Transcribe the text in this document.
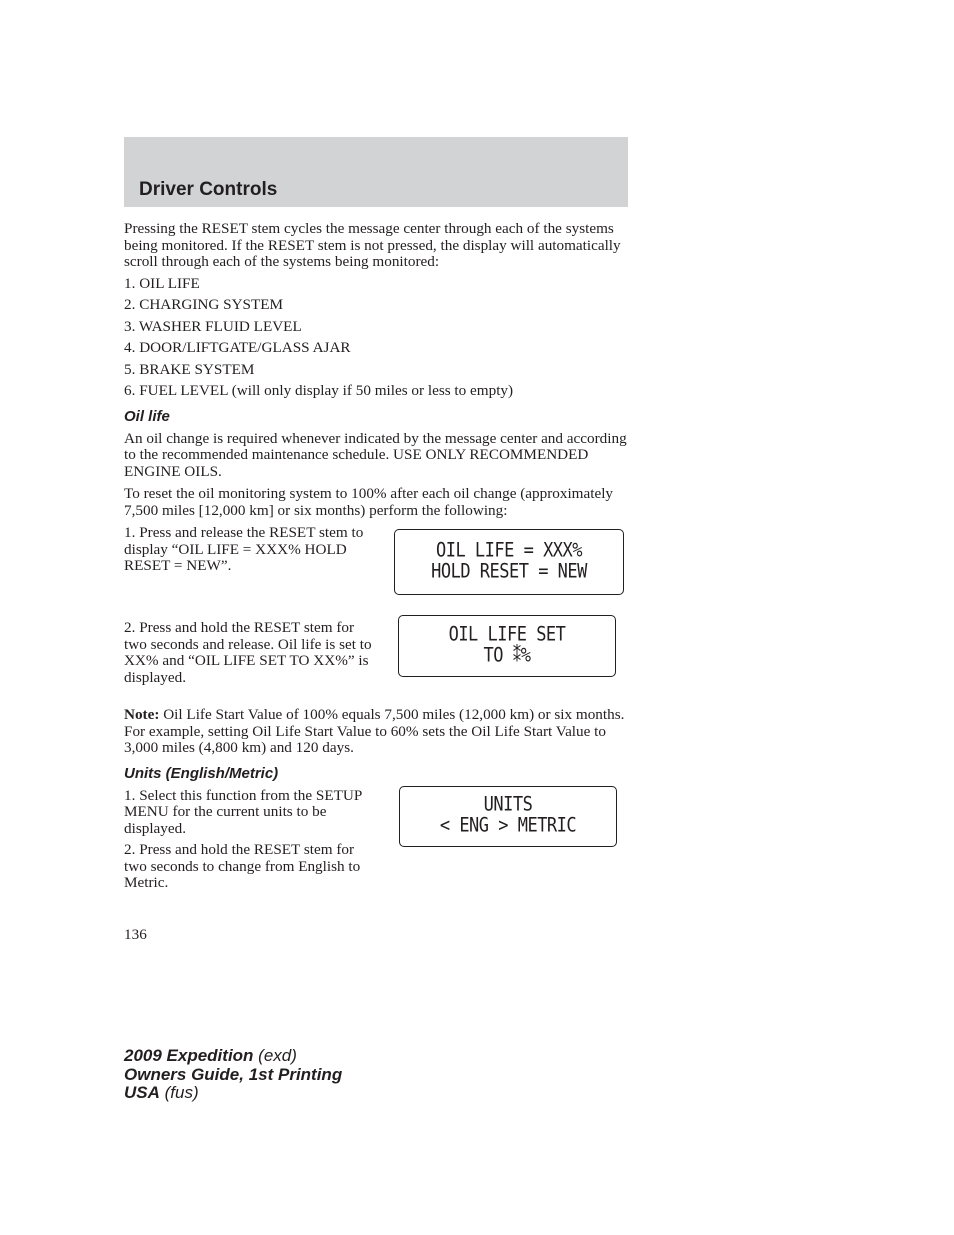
Driver Controls

Pressing the RESET stem cycles the message center through each of the systems being monitored. If the RESET stem is not pressed, the display will automatically scroll through each of the systems being monitored:

1. OIL LIFE

2. CHARGING SYSTEM

3. WASHER FLUID LEVEL

4. DOOR/LIFTGATE/GLASS AJAR

5. BRAKE SYSTEM

6. FUEL LEVEL (will only display if 50 miles or less to empty)

Oil life

An oil change is required whenever indicated by the message center and according to the recommended maintenance schedule. USE ONLY RECOMMENDED ENGINE OILS.

To reset the oil monitoring system to 100% after each oil change (approximately 7,500 miles [12,000 km] or six months) perform the following:

1. Press and release the RESET stem to display “OIL LIFE = XXX% HOLD RESET = NEW”.

OIL LIFE = XXX%
HOLD RESET = NEW

2. Press and hold the RESET stem for two seconds and release. Oil life is set to XX% and “OIL LIFE SET TO XX%” is displayed.

OIL LIFE SET
TO ⁑%

Note: Oil Life Start Value of 100% equals 7,500 miles (12,000 km) or six months. For example, setting Oil Life Start Value to 60% sets the Oil Life Start Value to 3,000 miles (4,800 km) and 120 days.

Units (English/Metric)

1. Select this function from the SETUP MENU for the current units to be displayed.

2. Press and hold the RESET stem for two seconds to change from English to Metric.

UNITS
< ENG > METRIC
136
2009 Expedition (exd)
Owners Guide, 1st Printing
USA (fus)
